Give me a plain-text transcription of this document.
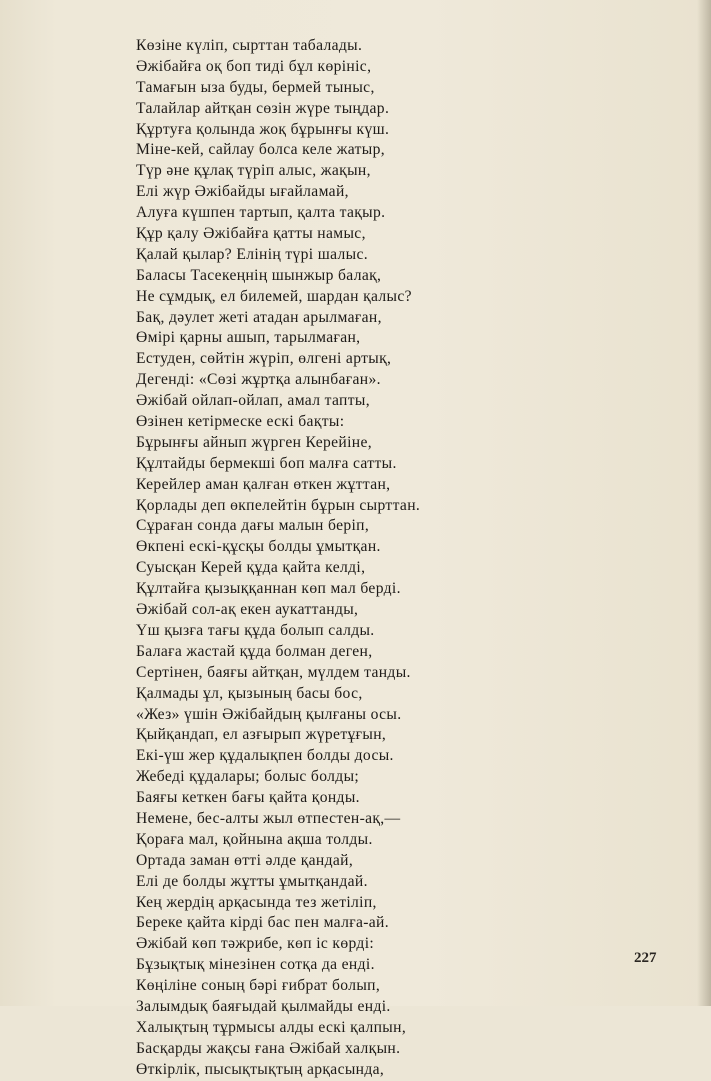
Көзіне күліп, сырттан табалады.
Әжібайға оқ боп тиді бұл көрініс,
Тамағын ыза буды, бермей тыныс,
Талайлар айтқан сөзін жүре тыңдар.
Құртуға қолында жоқ бұрынғы күш.
Міне-кей, сайлау болса келе жатыр,
Түр әне құлақ түріп алыс, жақын,
Елі жүр Әжібайды ығайламай,
Алуға күшпен тартып, қалта тақыр.
Құр қалу Әжібайға қатты намыс,
Қалай қылар? Елінің түрі шалыс.
Баласы Тасекеңнің шынжыр балақ,
Не сұмдық, ел билемей, шардан қалыс?
Бақ, дәулет жеті атадан арылмаған,
Өмірі қарны ашып, тарылмаған,
Естуден, сөйтін жүріп, өлгені артық,
Дегенді: «Сөзі жұртқа алынбаған».
Әжібай ойлап-ойлап, амал тапты,
Өзінен кетірмеске ескі бақты:
Бұрынғы айнып жүрген Керейіне,
Құлтайды бермекші боп малға сатты.
Керейлер аман қалған өткен жұттан,
Қорлады деп өкпелейтін бұрын сырттан.
Сұраған сонда дағы малын беріп,
Өкпені ескі-құсқы болды ұмытқан.
Суысқан Керей құда қайта келді,
Құлтайға қызыққаннан көп мал берді.
Әжібай сол-ақ екен аукаттанды,
Үш қызға тағы құда болып салды.
Балаға жастай құда болман деген,
Сертінен, баяғы айтқан, мүлдем танды.
Қалмады ұл, қызының басы бос,
«Жез» үшін Әжібайдың қылғаны осы.
Қыйқандап, ел азғырып жүретұғын,
Екі-үш жер құдалықпен болды досы.
Жебеді құдалары; болыс болды;
Баяғы кеткен бағы қайта қонды.
Немене, бес-алты жыл өтпестен-ақ,—
Қораға мал, қойнына ақша толды.
Ортада заман өтті әлде қандай,
Елі де болды жұтты ұмытқандай.
Кең жердің арқасында тез жетіліп,
Береке қайта кірді бас пен малға-ай.
Әжібай көп тәжрибе, көп іс көрді:
Бұзықтық мінезінен сотқа да енді.
Көңіліне соның бәрі ғибрат болып,
Залымдық баяғыдай қылмайды енді.
Халықтың тұрмысы алды ескі қалпын,
Басқарды жақсы ғана Әжібай халқын.
Өткірлік, пысықтықтың арқасында,
227
